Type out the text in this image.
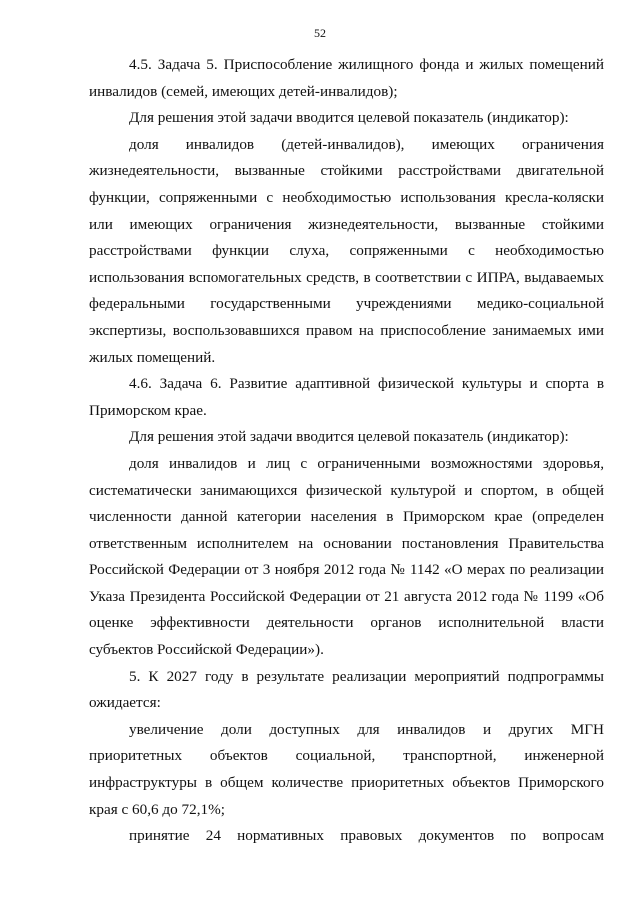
52

4.5. Задача 5. Приспособление жилищного фонда и жилых помещений инвалидов (семей, имеющих детей-инвалидов);

Для решения этой задачи вводится целевой показатель (индикатор):

доля инвалидов (детей-инвалидов), имеющих ограничения жизнедеятельности, вызванные стойкими расстройствами двигательной функции, сопряженными с необходимостью использования кресла-коляски или имеющих ограничения жизнедеятельности, вызванные стойкими расстройствами функции слуха, сопряженными с необходимостью использования вспомогательных средств, в соответствии с ИПРА, выдаваемых федеральными государственными учреждениями медико-социальной экспертизы, воспользовавшихся правом на приспособление занимаемых ими жилых помещений.

4.6. Задача 6. Развитие адаптивной физической культуры и спорта в Приморском крае.

Для решения этой задачи вводится целевой показатель (индикатор):

доля инвалидов и лиц с ограниченными возможностями здоровья, систематически занимающихся физической культурой и спортом, в общей численности данной категории населения в Приморском крае (определен ответственным исполнителем на основании постановления Правительства Российской Федерации от 3 ноября 2012 года № 1142 «О мерах по реализации Указа Президента Российской Федерации от 21 августа 2012 года № 1199 «Об оценке эффективности деятельности органов исполнительной власти субъектов Российской Федерации»).

5. К 2027 году в результате реализации мероприятий подпрограммы ожидается:

увеличение доли доступных для инвалидов и других МГН приоритетных объектов социальной, транспортной, инженерной инфраструктуры в общем количестве приоритетных объектов Приморского края с 60,6 до 72,1%;

принятие 24 нормативных правовых документов по вопросам
